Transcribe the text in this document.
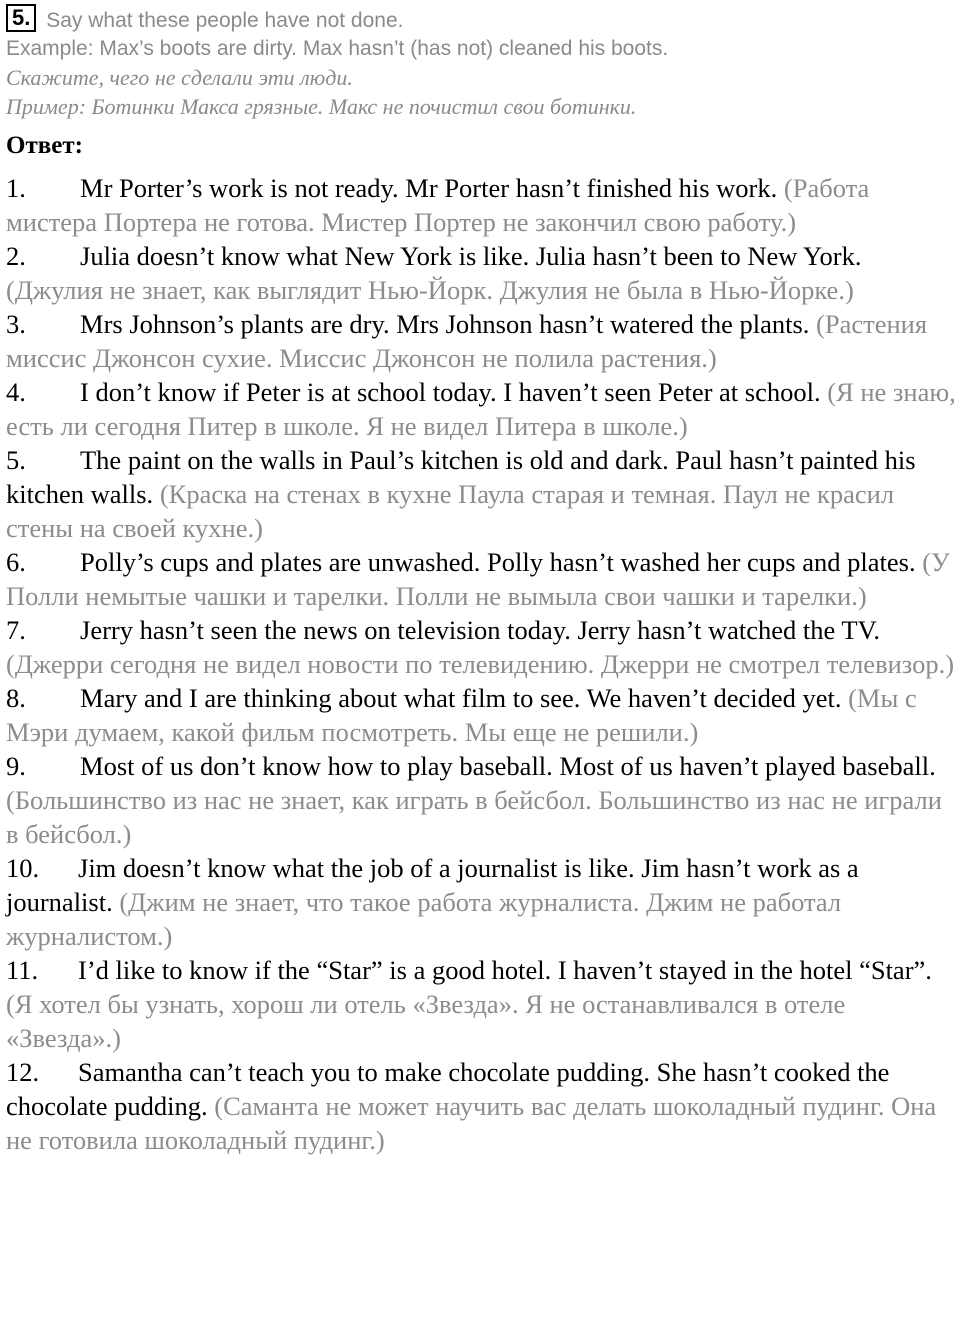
5. Say what these people have not done.
Example: Max’s boots are dirty. Max hasn’t (has not) cleaned his boots.
Скажите, чего не сделали эти люди.
Пример: Ботинки Макса грязные. Макс не почистил свои ботинки.
Ответ:
1. Mr Porter’s work is not ready. Mr Porter hasn’t finished his work. (Работа мистера Портера не готова. Мистер Портер не закончил свою работу.)
2. Julia doesn’t know what New York is like. Julia hasn’t been to New York. (Джулия не знает, как выглядит Нью-Йорк. Джулия не была в Нью-Йорке.)
3. Mrs Johnson’s plants are dry. Mrs Johnson hasn’t watered the plants. (Растения миссис Джонсон сухие. Миссис Джонсон не полила растения.)
4. I don’t know if Peter is at school today. I haven’t seen Peter at school. (Я не знаю, есть ли сегодня Питер в школе. Я не видел Питера в школе.)
5. The paint on the walls in Paul’s kitchen is old and dark. Paul hasn’t painted his kitchen walls. (Краска на стенах в кухне Паула старая и темная. Паул не красил стены на своей кухне.)
6. Polly’s cups and plates are unwashed. Polly hasn’t washed her cups and plates. (У Полли немытые чашки и тарелки. Полли не вымыла свои чашки и тарелки.)
7. Jerry hasn’t seen the news on television today. Jerry hasn’t watched the TV. (Джерри сегодня не видел новости по телевидению. Джерри не смотрел телевизор.)
8. Mary and I are thinking about what film to see. We haven’t decided yet. (Мы с Мэри думаем, какой фильм посмотреть. Мы еще не решили.)
9. Most of us don’t know how to play baseball. Most of us haven’t played baseball. (Большинство из нас не знает, как играть в бейсбол. Большинство из нас не играли в бейсбол.)
10. Jim doesn’t know what the job of a journalist is like. Jim hasn’t work as a journalist. (Джим не знает, что такое работа журналиста. Джим не работал журналистом.)
11. I’d like to know if the “Star” is a good hotel. I haven’t stayed in the hotel “Star”. (Я хотел бы узнать, хорош ли отель «Звезда». Я не останавливался в отеле «Звезда».)
12. Samantha can’t teach you to make chocolate pudding. She hasn’t cooked the chocolate pudding. (Саманта не может научить вас делать шоколадный пудинг. Она не готовила шоколадный пудинг.)
